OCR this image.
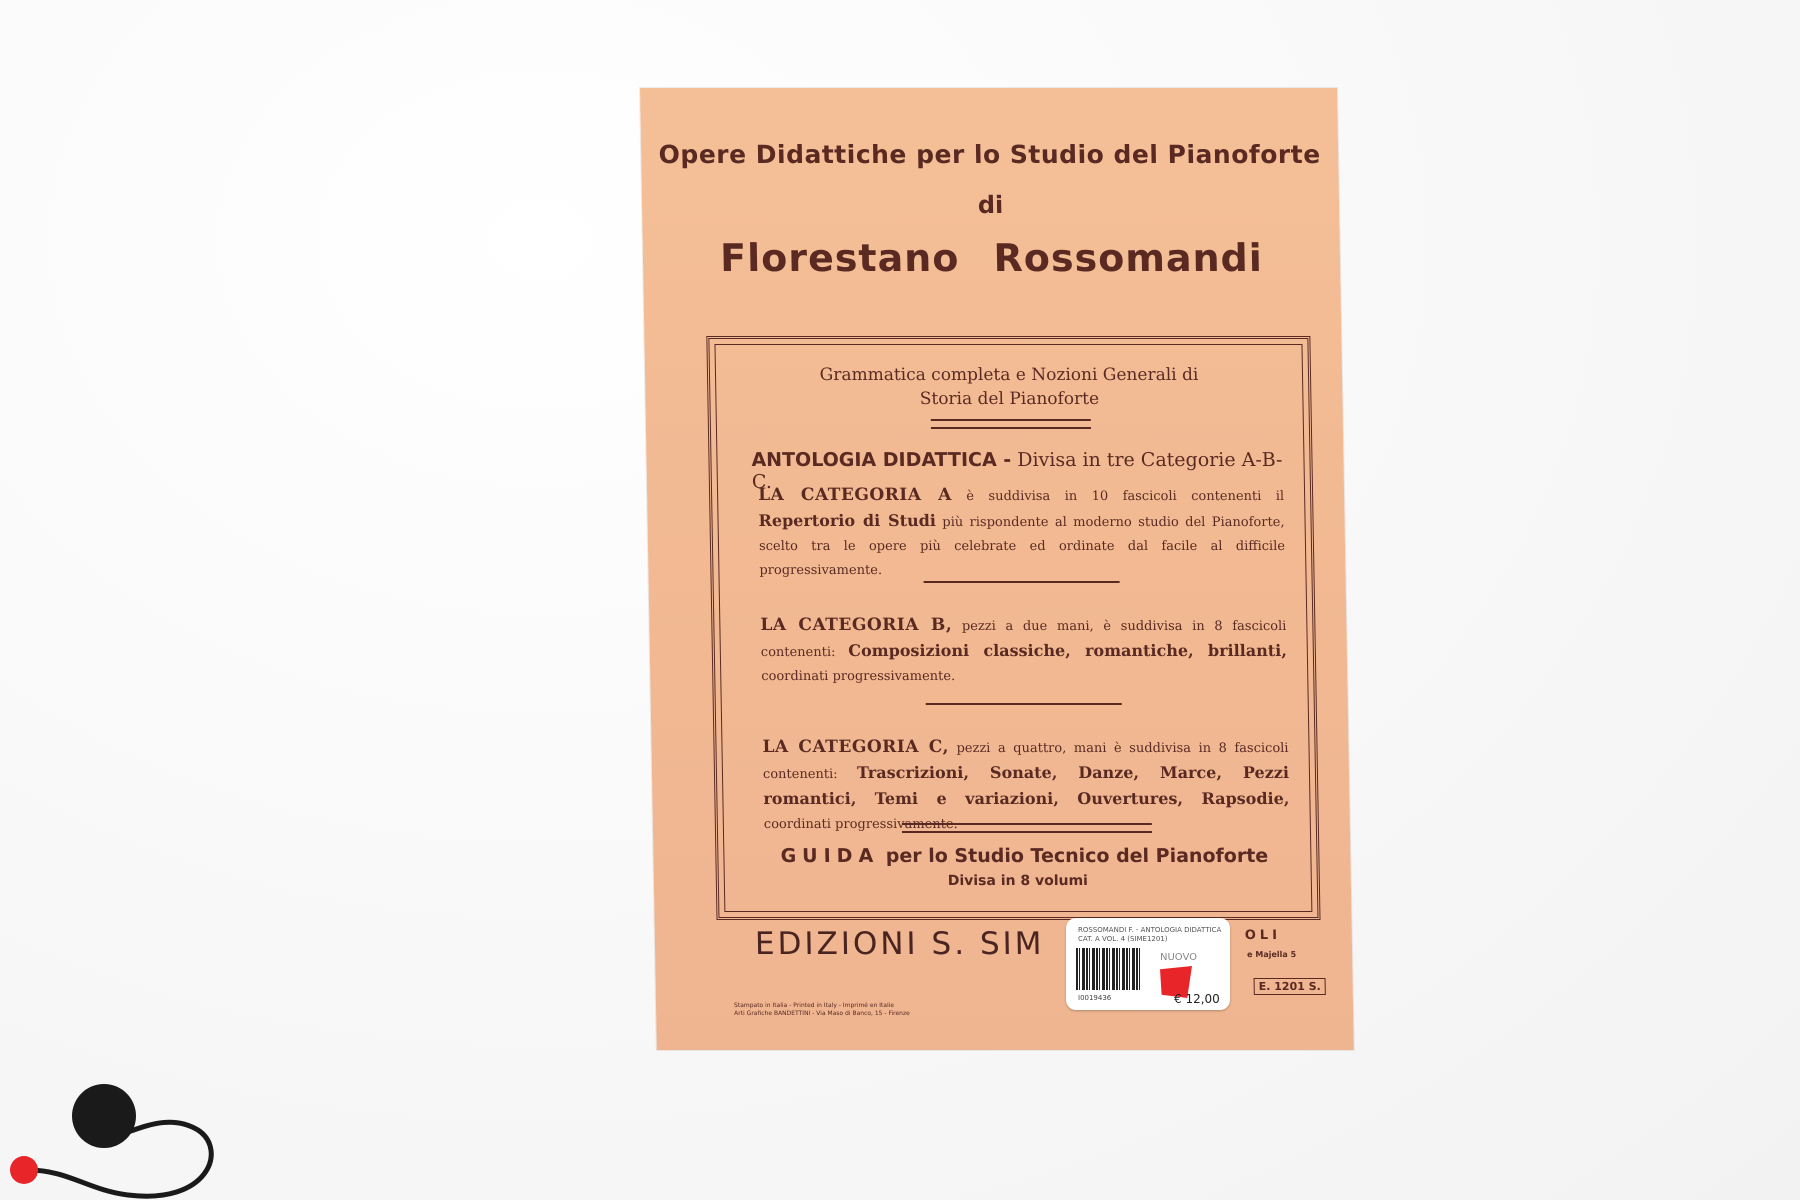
Opere Didattiche per lo Studio del Pianoforte
di
Florestano Rossomandi
Grammatica completa e Nozioni Generali di
Storia del Pianoforte
ANTOLOGIA DIDATTICA - Divisa in tre Categorie A-B-C.
LA CATEGORIA A è suddivisa in 10 fascicoli contenenti il Repertorio di Studi più rispondente al moderno studio del Pianoforte, scelto tra le opere più celebrate ed ordinate dal facile al difficile progressivamente.
LA CATEGORIA B, pezzi a due mani, è suddivisa in 8 fascicoli contenenti: Composizioni classiche, romantiche, brillanti, coordinati progressivamente.
LA CATEGORIA C, pezzi a quattro, mani è suddivisa in 8 fascicoli contenenti: Trascrizioni, Sonate, Danze, Marce, Pezzi romantici, Temi e variazioni, Ouvertures, Rapsodie, coordinati progressivamente.
GUIDA per lo Studio Tecnico del Pianoforte
Divisa in 8 volumi
EDIZIONI S. SIM	OLI
e Majella 5
E. 1201 S.
Stampato in Italia - Printed in Italy - Imprimé en Italie
Arti Grafiche BANDETTINI - Via Maso di Banco, 15 - Firenze
ROSSOMANDI F. - ANTOLOGIA DIDATTICA CAT. A VOL. 4 (SIME1201)
I0019436
NUOVO
€ 12,00
